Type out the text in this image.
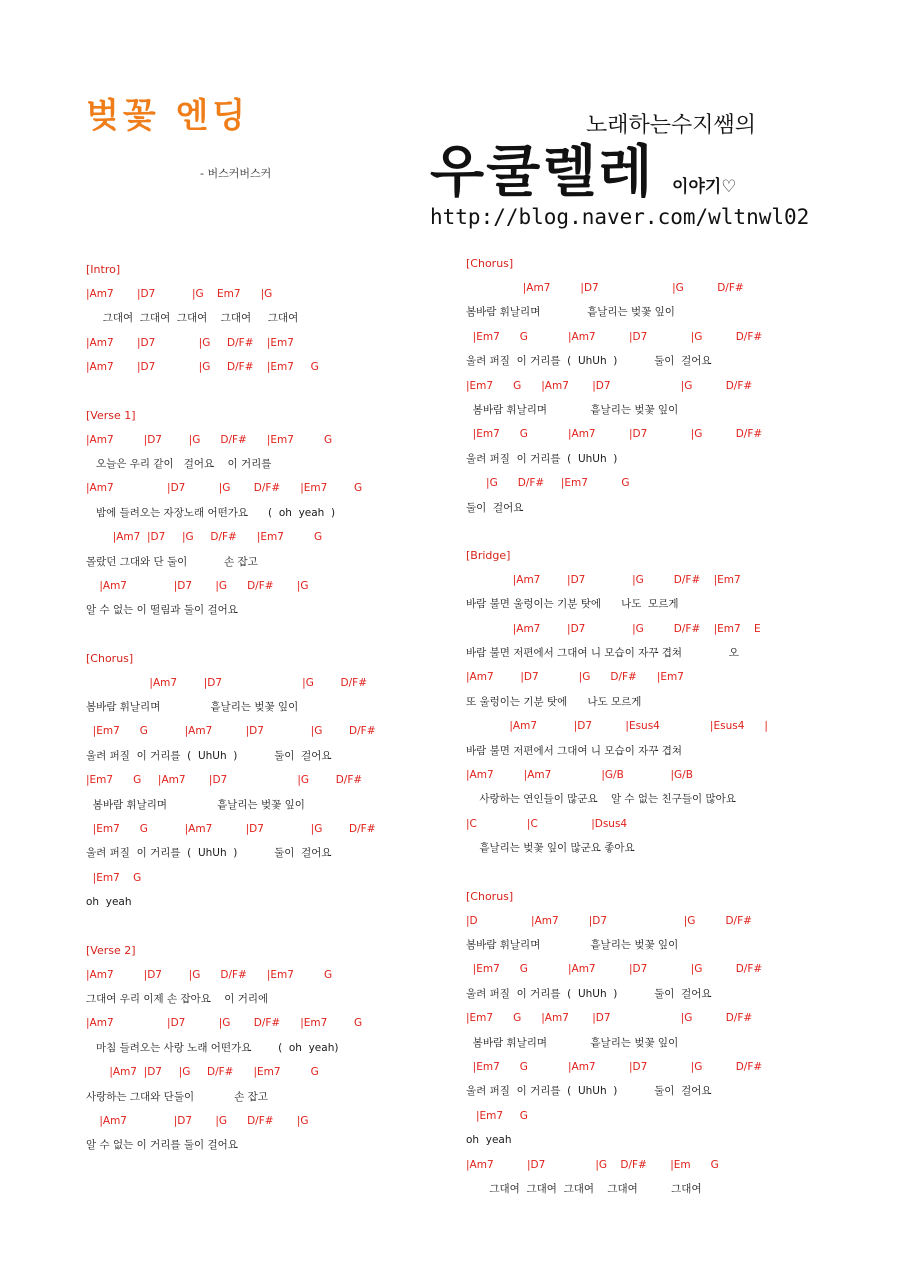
벚꽃 엔딩
- 버스커버스커
노래하는수지쌤의
우쿨렐레 이야기♡
http://blog.naver.com/wltnwl02
[Intro]
|Am7       |D7           |G    Em7      |G
그대여  그대여  그대여    그대여     그대여
|Am7       |D7             |G     D/F#    |Em7
|Am7       |D7             |G     D/F#    |Em7     G
[Verse 1]
|Am7         |D7        |G      D/F#      |Em7         G
오늘은 우리 같이   걸어요    이 거리를
|Am7                |D7          |G       D/F#      |Em7        G
밤에 들려오는 자장노래 어떤가요      (  oh  yeah  )
|Am7  |D7     |G     D/F#      |Em7         G
몰랐던 그대와 단 둘이           손 잡고
|Am7              |D7       |G      D/F#       |G
알 수 없는 이 떨림과 둘이 걸어요
[Chorus]
|Am7        |D7                        |G        D/F#
봄바람 휘날리며               흩날리는 벚꽃 잎이
|Em7      G           |Am7          |D7              |G        D/F#
울려 퍼질  이 거리를  (  UhUh  )           둘이  걸어요
|Em7      G     |Am7       |D7                     |G        D/F#
봄바람 휘날리며               흩날리는 벚꽃 잎이
|Em7      G           |Am7          |D7              |G        D/F#
울려 퍼질  이 거리를  (  UhUh  )           둘이  걸어요
|Em7    G
oh  yeah
[Verse 2]
|Am7         |D7        |G      D/F#      |Em7         G
그대여 우리 이제 손 잡아요    이 거리에
|Am7                |D7          |G       D/F#      |Em7        G
마침 들려오는 사랑 노래 어떤가요        (  oh  yeah)
|Am7  |D7     |G     D/F#      |Em7         G
사랑하는 그대와 단둘이            손 잡고
|Am7              |D7       |G      D/F#       |G
알 수 없는 이 거리를 둘이 걸어요
[Chorus]
|Am7         |D7                      |G          D/F#
봄바람 휘날리며              흩날리는 벚꽃 잎이
|Em7      G            |Am7          |D7             |G          D/F#
울려 퍼질  이 거리를  (  UhUh  )           둘이  걸어요
|Em7      G      |Am7       |D7                     |G          D/F#
봄바람 휘날리며             흩날리는 벚꽃 잎이
|Em7      G            |Am7          |D7             |G          D/F#
울려 퍼질  이 거리를  (  UhUh  )
|G      D/F#     |Em7          G
둘이  걸어요
[Bridge]
|Am7        |D7              |G         D/F#    |Em7
바람 불면 울렁이는 기분 탓에      나도  모르게
|Am7        |D7              |G         D/F#    |Em7    E
바람 불면 저편에서 그대여 니 모습이 자꾸 겹쳐              오
|Am7        |D7            |G      D/F#      |Em7
또 울렁이는 기분 탓에      나도 모르게
|Am7           |D7          |Esus4               |Esus4      |
바람 불면 저편에서 그대여 니 모습이 자꾸 겹쳐
|Am7         |Am7               |G/B              |G/B
사랑하는 연인들이 많군요    알 수 없는 친구들이 많아요
|C               |C                |Dsus4
흩날리는 벚꽃 잎이 많군요 좋아요
[Chorus]
|D                |Am7         |D7                       |G         D/F#
봄바람 휘날리며               흩날리는 벚꽃 잎이
|Em7      G            |Am7          |D7             |G          D/F#
울려 퍼질  이 거리를  (  UhUh  )           둘이  걸어요
|Em7      G      |Am7       |D7                     |G          D/F#
봄바람 휘날리며             흩날리는 벚꽃 잎이
|Em7      G            |Am7          |D7             |G          D/F#
울려 퍼질  이 거리를  (  UhUh  )           둘이  걸어요
|Em7     G
oh  yeah
|Am7          |D7               |G    D/F#       |Em      G
그대여  그대여  그대여    그대여          그대여
